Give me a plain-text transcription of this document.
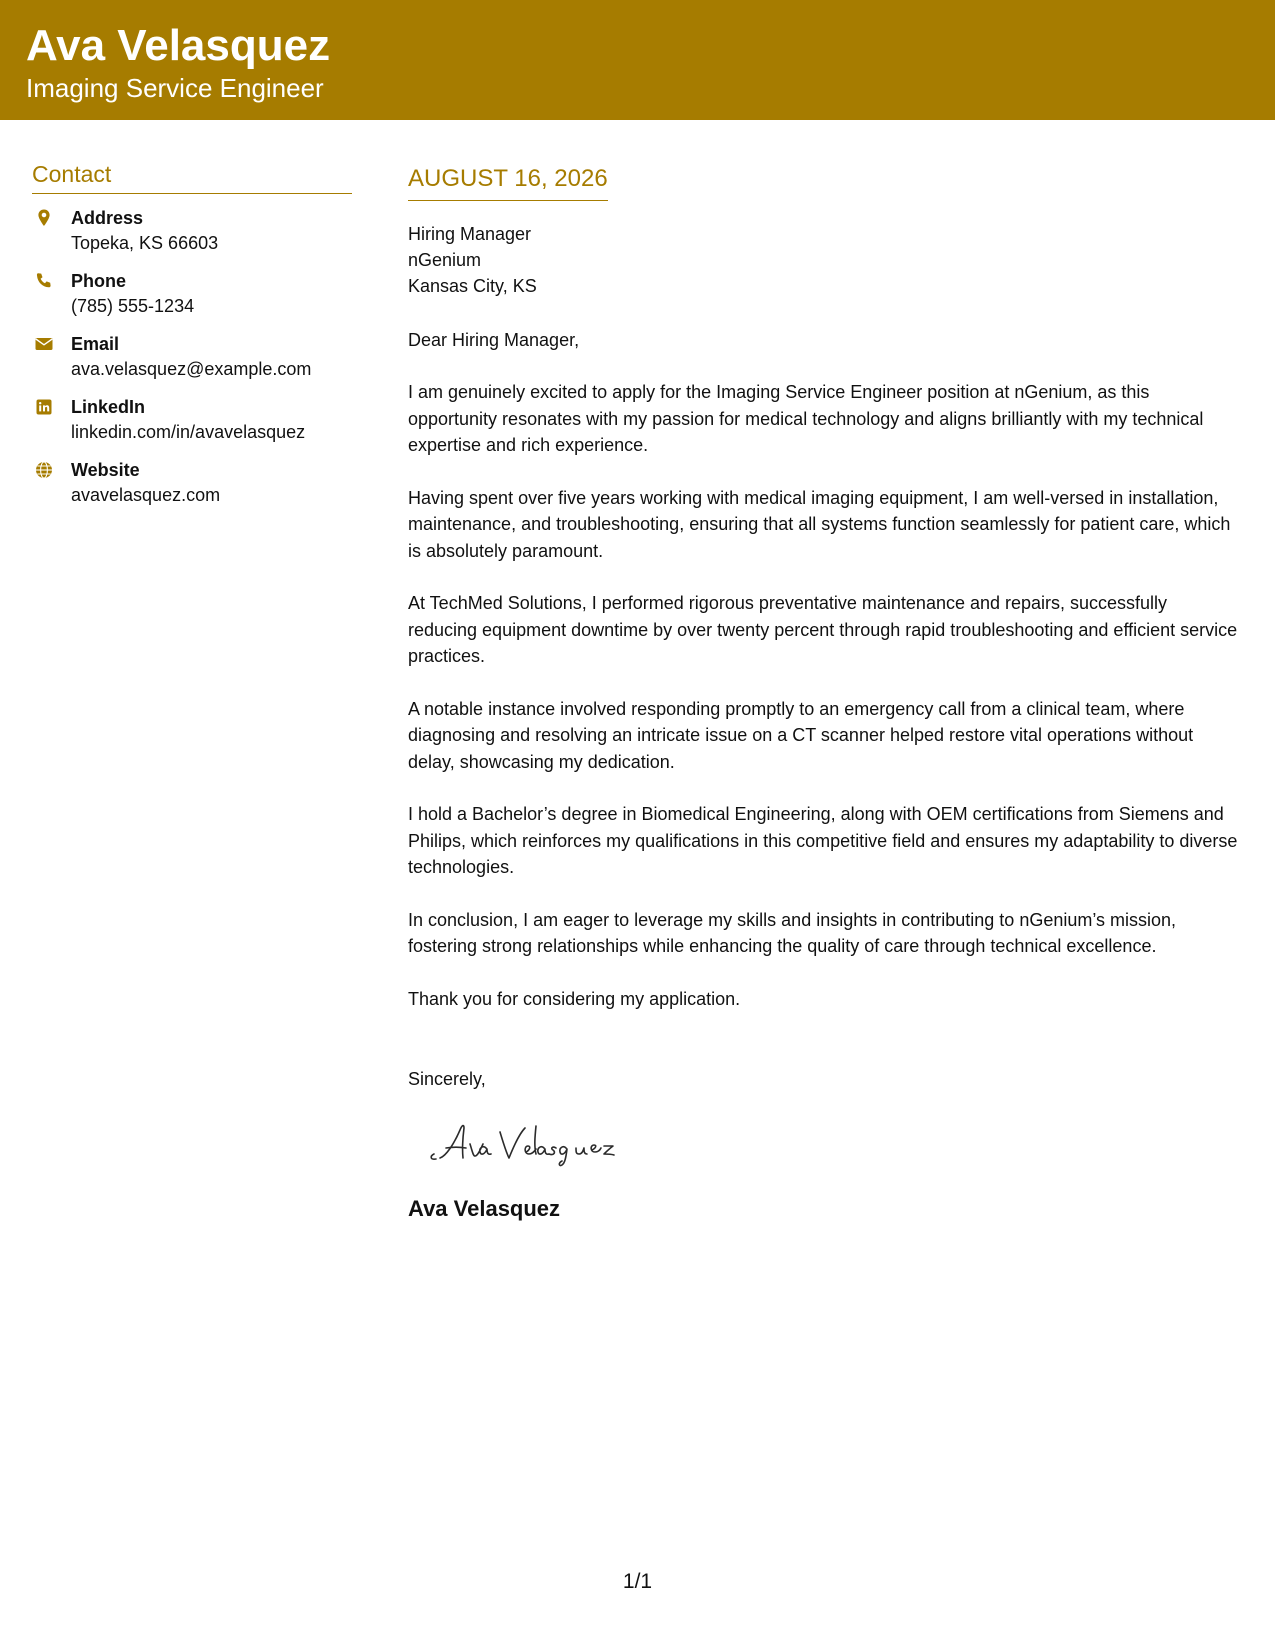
Ava Velasquez
Imaging Service Engineer
Contact
Address
Topeka, KS 66603
Phone
(785) 555-1234
Email
ava.velasquez@example.com
LinkedIn
linkedin.com/in/avavelasquez
Website
avavelasquez.com
AUGUST 16, 2026
Hiring Manager
nGenium
Kansas City, KS
Dear Hiring Manager,
I am genuinely excited to apply for the Imaging Service Engineer position at nGenium, as this opportunity resonates with my passion for medical technology and aligns brilliantly with my technical expertise and rich experience.
Having spent over five years working with medical imaging equipment, I am well-versed in installation, maintenance, and troubleshooting, ensuring that all systems function seamlessly for patient care, which is absolutely paramount.
At TechMed Solutions, I performed rigorous preventative maintenance and repairs, successfully reducing equipment downtime by over twenty percent through rapid troubleshooting and efficient service practices.
A notable instance involved responding promptly to an emergency call from a clinical team, where diagnosing and resolving an intricate issue on a CT scanner helped restore vital operations without delay, showcasing my dedication.
I hold a Bachelor’s degree in Biomedical Engineering, along with OEM certifications from Siemens and Philips, which reinforces my qualifications in this competitive field and ensures my adaptability to diverse technologies.
In conclusion, I am eager to leverage my skills and insights in contributing to nGenium’s mission, fostering strong relationships while enhancing the quality of care through technical excellence.
Thank you for considering my application.
Sincerely,
Ava Velasquez
1/1
